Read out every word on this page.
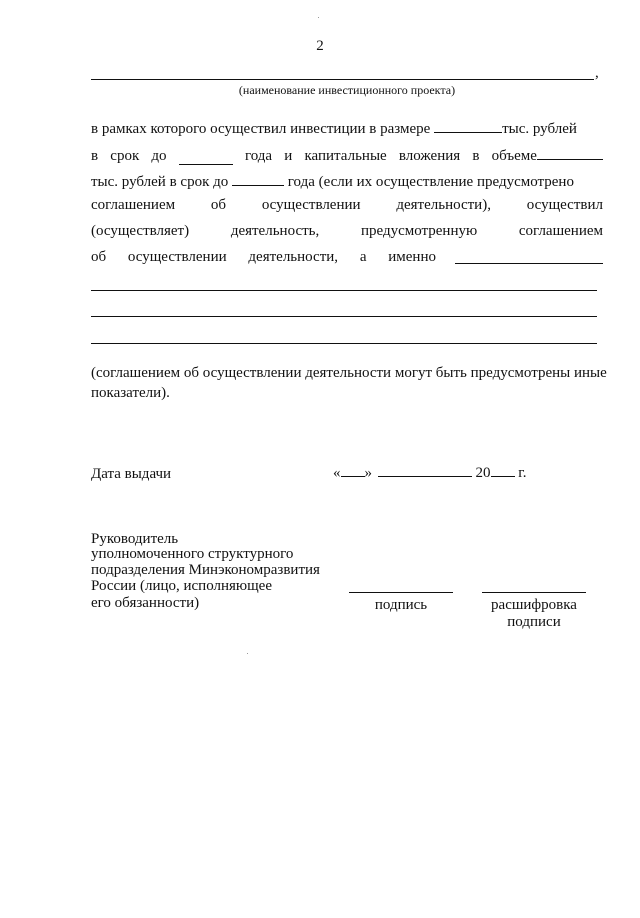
2
,
(наименование инвестиционного проекта)
в рамках которого осуществил инвестиции в размере	тыс. рублей
в срок до	года и капитальные вложения в объеме
тыс. рублей в срок до	года (если их осуществление предусмотрено
соглашением об осуществлении деятельности), осуществил
(осуществляет)	деятельность,	предусмотренную	соглашением
об осуществлении деятельности, а именно
(соглашением об осуществлении деятельности могут быть предусмотрены иные
показатели).
Дата выдачи	« »	20 г.
Руководитель
уполномоченного структурного
подразделения Минэкономразвития
России (лицо, исполняющее
его обязанности)	подпись	расшифровка
подписи
